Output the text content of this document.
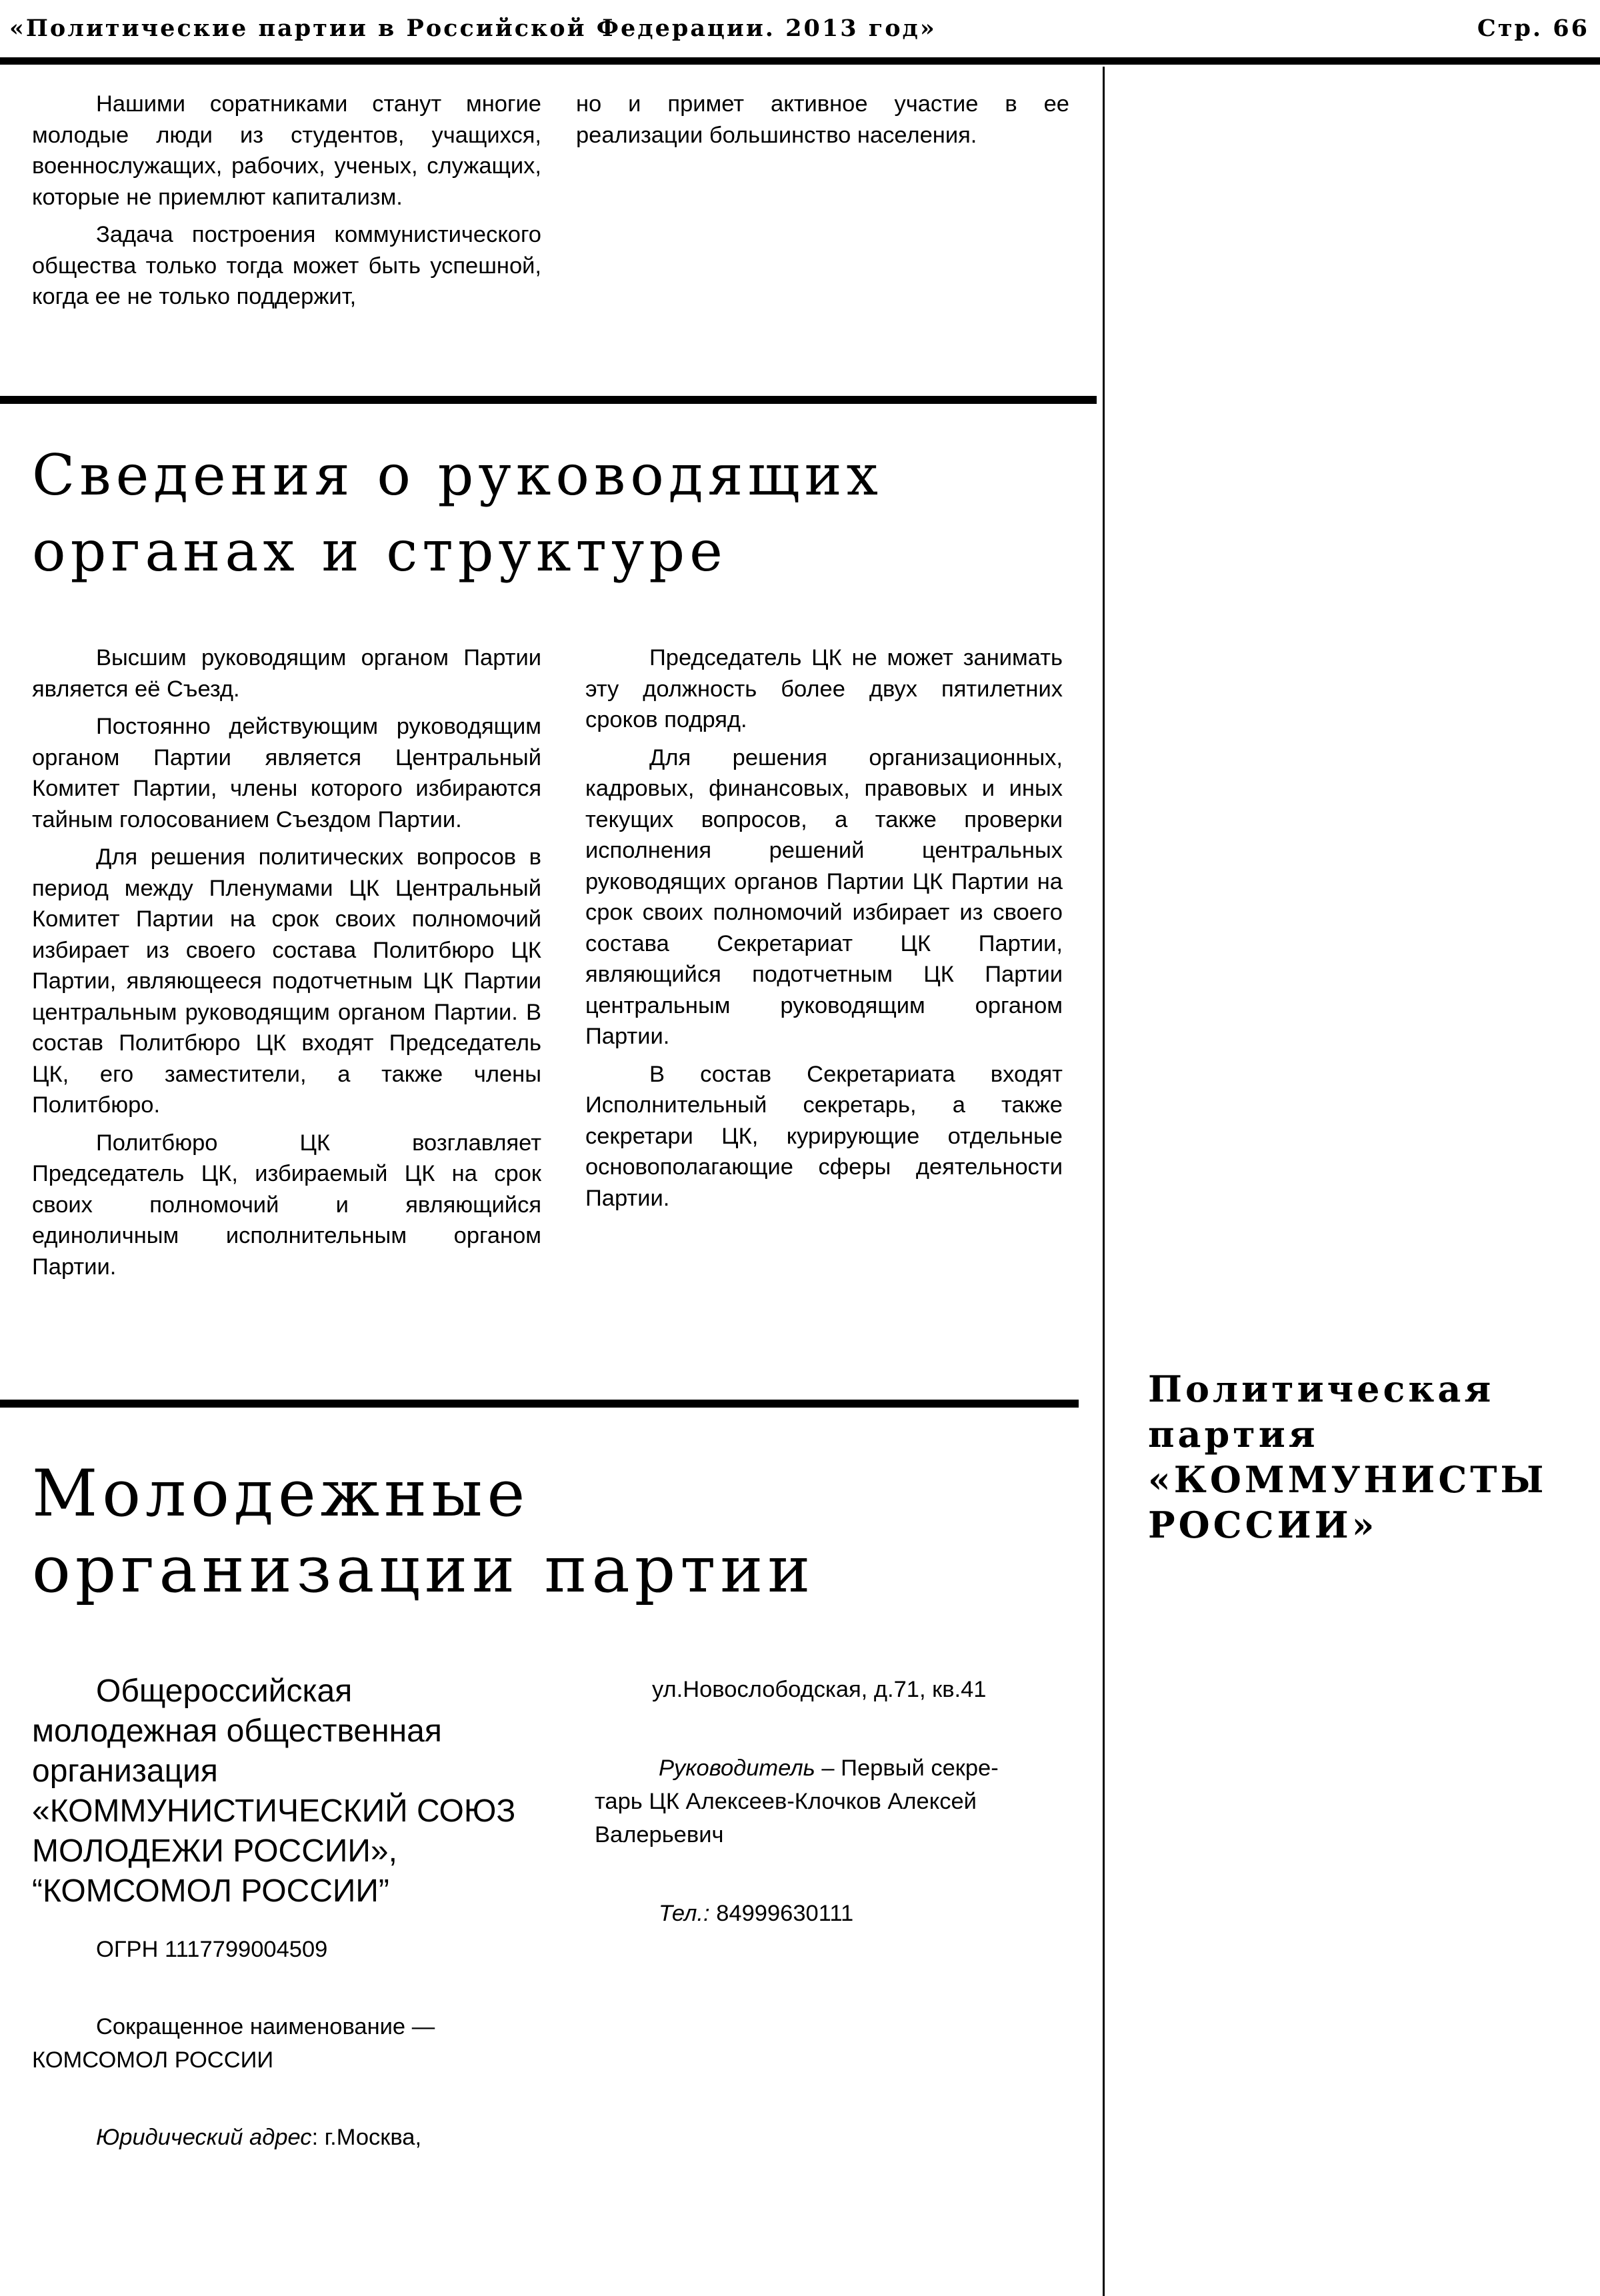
«Политические партии в Российской Федерации. 2013 год»	Стр. 66

Нашими соратниками станут многие молодые люди из студентов, учащихся, военнослужащих, рабочих, ученых, служащих, которые не приемлют капитализм.

Задача построения коммунистического общества только тогда может быть успешной, когда ее не только поддержит,

но и примет активное участие в ее реализации большинство населения.

Сведения о руководящих
органах и структуре

Высшим руководящим органом Партии является её Съезд.

Постоянно действующим руководящим органом Партии является Центральный Комитет Партии, члены которого избираются тайным голосованием Съездом Партии.

Для решения политических вопросов в период между Пленумами ЦК Центральный Комитет Партии на срок своих полномочий избирает из своего состава Политбюро ЦК Партии, являющееся подотчетным ЦК Партии центральным руководящим органом Партии. В состав Политбюро ЦК входят Председатель ЦК, его заместители, а также члены Политбюро.

Политбюро ЦК возглавляет Председатель ЦК, избираемый ЦК на срок своих полномочий и являющийся единоличным исполнительным органом Партии.

Председатель ЦК не может занимать эту должность более двух пятилетних сроков подряд.

Для решения организационных, кадровых, финансовых, правовых и иных текущих вопросов, а также проверки исполнения решений центральных руководящих органов Партии ЦК Партии на срок своих полномочий избирает из своего состава Секретариат ЦК Партии, являющийся подотчетным ЦК Партии центральным руководящим органом Партии.

В состав Секретариата входят Исполнительный секретарь, а также секретари ЦК, курирующие отдельные основополагающие сферы деятельности Партии.

Молодежные
организации партии
Общероссийская молодежная общественная организация «КОММУНИСТИЧЕСКИЙ СОЮЗ МОЛОДЕЖИ РОССИИ», “КОМСОМОЛ РОССИИ”
ОГРН 1117799004509
Сокращенное наименование —
КОМСОМОЛ РОССИИ
Юридический адрес: г.Москва,
ул.Новослободская, д.71, кв.41
Руководитель – Первый секре-
тарь ЦК Алексеев-Клочков Алексей
Валерьевич
Тел.: 84999630111
Политическая партия «КОММУНИСТЫ РОССИИ»
